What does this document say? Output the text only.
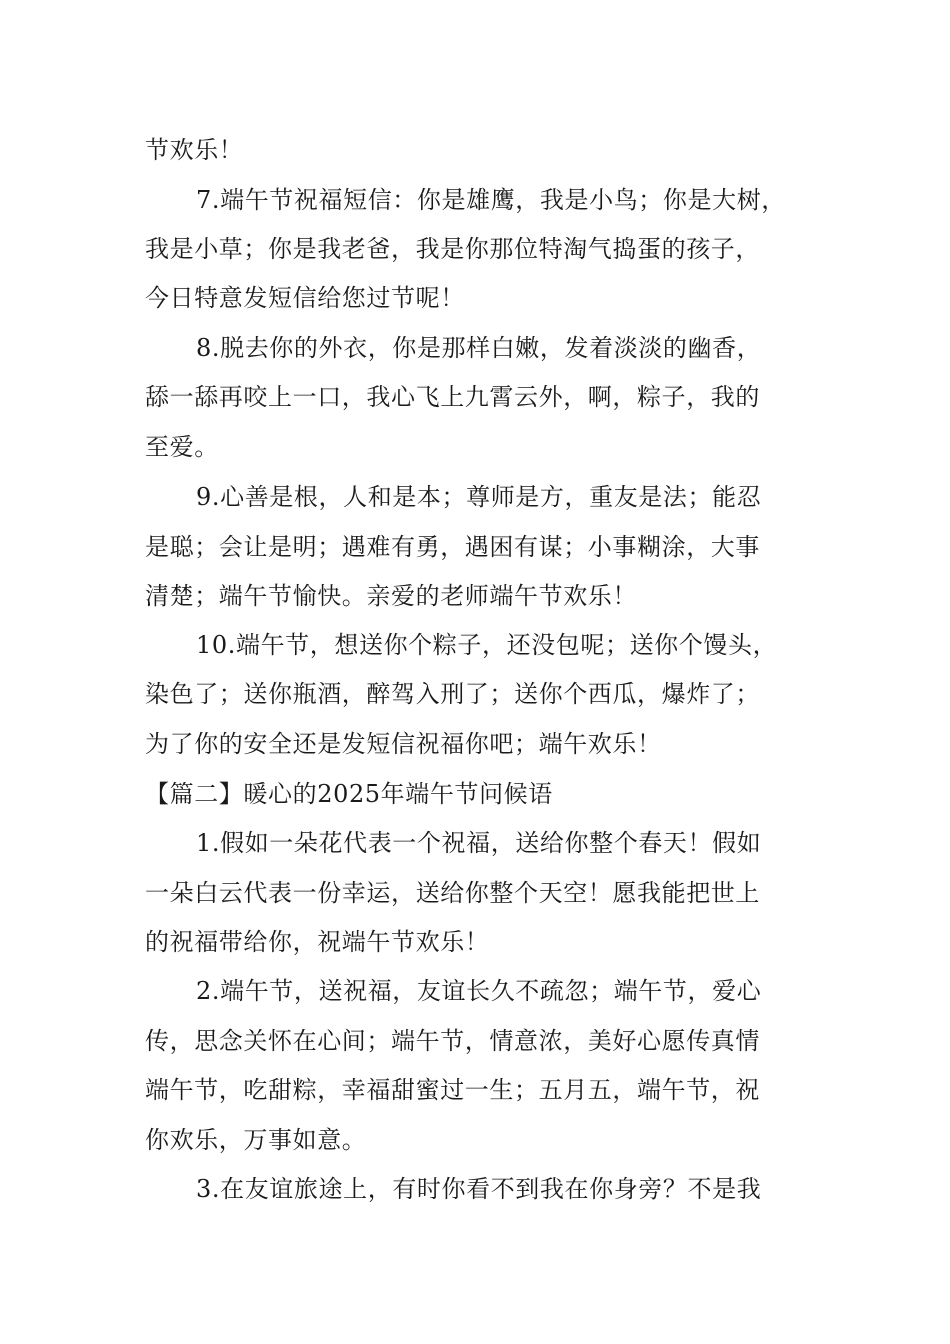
节欢乐！
7.端午节祝福短信：你是雄鹰，我是小鸟；你是大树，
我是小草；你是我老爸，我是你那位特淘气捣蛋的孩子，
今日特意发短信给您过节呢！
8.脱去你的外衣，你是那样白嫩，发着淡淡的幽香，
舔一舔再咬上一口，我心飞上九霄云外，啊，粽子，我的
至爱。
9.心善是根，人和是本；尊师是方，重友是法；能忍
是聪；会让是明；遇难有勇，遇困有谋；小事糊涂，大事
清楚；端午节愉快。亲爱的老师端午节欢乐！
10.端午节，想送你个粽子，还没包呢；送你个馒头，
染色了；送你瓶酒，醉驾入刑了；送你个西瓜，爆炸了；
为了你的安全还是发短信祝福你吧；端午欢乐！
【篇二】暖心的2025年端午节问候语
1.假如一朵花代表一个祝福，送给你整个春天！假如
一朵白云代表一份幸运，送给你整个天空！愿我能把世上
的祝福带给你，祝端午节欢乐！
2.端午节，送祝福，友谊长久不疏忽；端午节，爱心
传，思念关怀在心间；端午节，情意浓，美好心愿传真情
端午节，吃甜粽，幸福甜蜜过一生；五月五，端午节，祝
你欢乐，万事如意。
3.在友谊旅途上，有时你看不到我在你身旁？不是我
